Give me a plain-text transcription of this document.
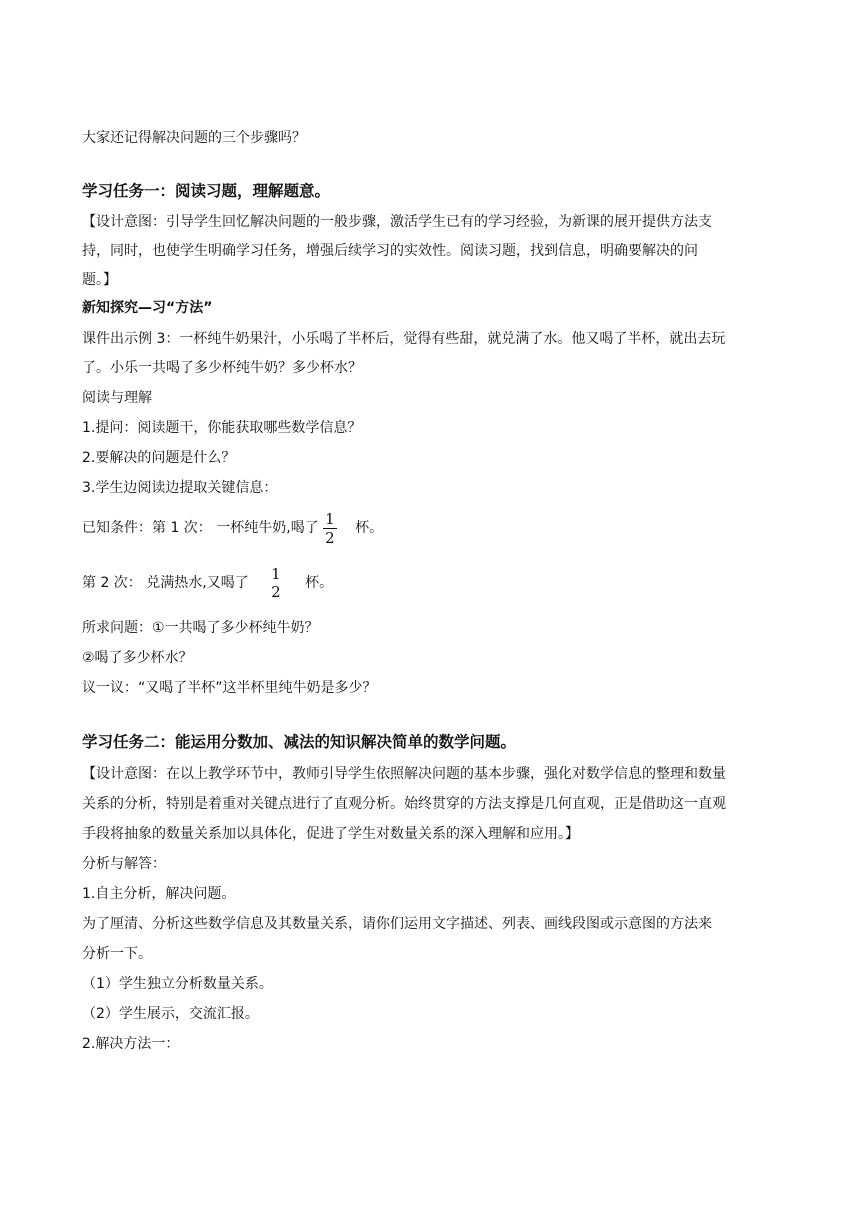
大家还记得解决问题的三个步骤吗？
学习任务一：阅读习题，理解题意。
【设计意图：引导学生回忆解决问题的一般步骤，激活学生已有的学习经验，为新课的展开提供方法支
持，同时，也使学生明确学习任务，增强后续学习的实效性。阅读习题，找到信息，明确要解决的问
题。】
新知探究—习“方法”
课件出示例 3：一杯纯牛奶果汁，小乐喝了半杯后，觉得有些甜，就兑满了水。他又喝了半杯，就出去玩
了。小乐一共喝了多少杯纯牛奶？多少杯水？
阅读与理解
1.提问：阅读题干，你能获取哪些数学信息？
2.要解决的问题是什么？
3.学生边阅读边提取关键信息：
已知条件：第 1 次： 一杯纯牛奶,喝了 $\frac{1}{2}$ 杯。
第 2 次： 兑满热水,又喝了 1
2 杯。
所求问题：①一共喝了多少杯纯牛奶？
②喝了多少杯水？
议一议：“又喝了半杯”这半杯里纯牛奶是多少？
学习任务二：能运用分数加、减法的知识解决简单的数学问题。
【设计意图：在以上教学环节中，教师引导学生依照解决问题的基本步骤，强化对数学信息的整理和数量
关系的分析，特别是着重对关键点进行了直观分析。始终贯穿的方法支撑是几何直观，正是借助这一直观
手段将抽象的数量关系加以具体化，促进了学生对数量关系的深入理解和应用。】
分析与解答：
1.自主分析，解决问题。
为了厘清、分析这些数学信息及其数量关系，请你们运用文字描述、列表、画线段图或示意图的方法来
分析一下。
（1）学生独立分析数量关系。
（2）学生展示，交流汇报。
2.解决方法一：
